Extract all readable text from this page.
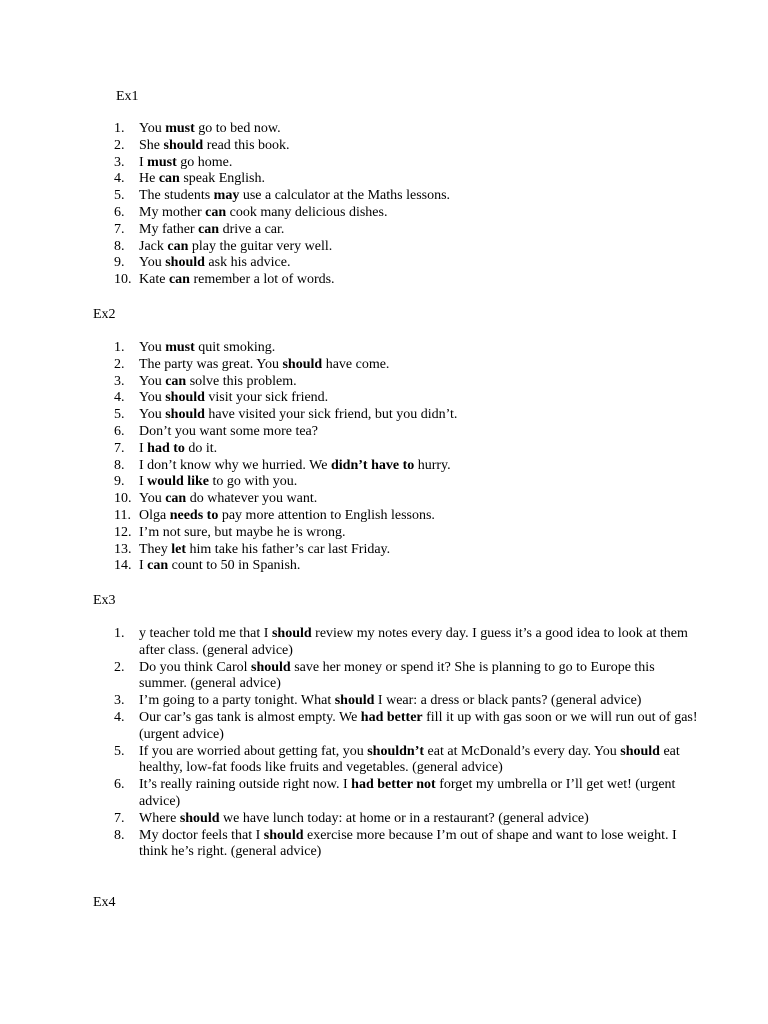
Ex1
1. You must go to bed now.
2. She should read this book.
3. I must go home.
4. He can speak English.
5. The students may use a calculator at the Maths lessons.
6. My mother can cook many delicious dishes.
7. My father can drive a car.
8. Jack can play the guitar very well.
9. You should ask his advice.
10. Kate can remember a lot of words.
Ex2
1. You must quit smoking.
2. The party was great. You should have come.
3. You can solve this problem.
4. You should visit your sick friend.
5. You should have visited your sick friend, but you didn’t.
6. Don’t you want some more tea?
7. I had to do it.
8. I don’t know why we hurried. We didn’t have to hurry.
9. I would like to go with you.
10. You can do whatever you want.
11. Olga needs to pay more attention to English lessons.
12. I’m not sure, but maybe he is wrong.
13. They let him take his father’s car last Friday.
14. I can count to 50 in Spanish.
Ex3
1. y teacher told me that I should review my notes every day. I guess it’s a good idea to look at them after class. (general advice)
2. Do you think Carol should save her money or spend it? She is planning to go to Europe this summer. (general advice)
3. I’m going to a party tonight. What should I wear: a dress or black pants? (general advice)
4. Our car’s gas tank is almost empty. We had better fill it up with gas soon or we will run out of gas! (urgent advice)
5. If you are worried about getting fat, you shouldn’t eat at McDonald’s every day. You should eat healthy, low-fat foods like fruits and vegetables. (general advice)
6. It’s really raining outside right now. I had better not forget my umbrella or I’ll get wet! (urgent advice)
7. Where should we have lunch today: at home or in a restaurant? (general advice)
8. My doctor feels that I should exercise more because I’m out of shape and want to lose weight. I think he’s right. (general advice)
Ex4
